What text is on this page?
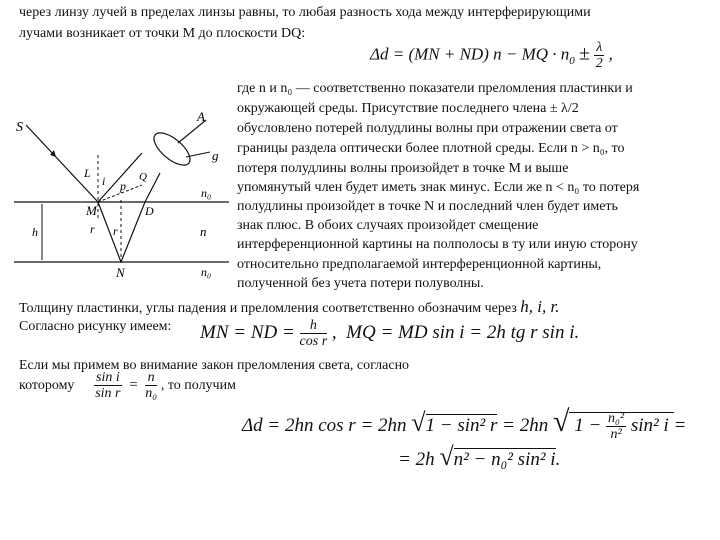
через линзу лучей в пределах линзы равны, то любая разность хода между интерферирующими
лучами возникает от точки М до плоскости DQ:
Δd = (MN + ND) n − MQ · $n_0 \pm \frac{\lambda}{2}$ ,
S
A
g
L
p
i
n₀
M	D
Q
h	n
r r
N	n₀
где n и n₀ — соответственно показатели преломления пластинки и
окружающей среды. Присутствие последнего члена ± λ/2
обусловлено потерей полудлины волны при отражении света от
границы раздела оптически более плотной среды. Если n > n₀, то
потеря полудлины волны произойдет в точке М и выше
упомянутый член будет иметь знак минус. Если же n < n₀ то потеря
полудлины произойдет в точке N и последний член будет иметь
знак плюс. В обоих случаях произойдет смещение
интерференционной картины на полполосы в ту или иную сторону
относительно предполагаемой интерференционной картины,
полученной без учета потери полуволны.
Толщину пластинки, углы падения и преломления соответственно обозначим через h, i, r.
Согласно рисунку имеем: MN = ND = $\frac{h}{\text{cos r}}$ , MQ = MD sin i = 2h tg r sin i.
Если мы примем во внимание закон преломления света, согласно
которому $\frac{\text{sin i}}{\text{sin r}} = \frac{n}{\text{n₀}}$ , то получим
Δd = 2hn cos r = 2hn √1 − sin² r = 2hn √ $1 - \frac{\text{n₀²}}{\text{n²}} \sin^2$ i =
= 2h √n² − n₀² sin² i.
